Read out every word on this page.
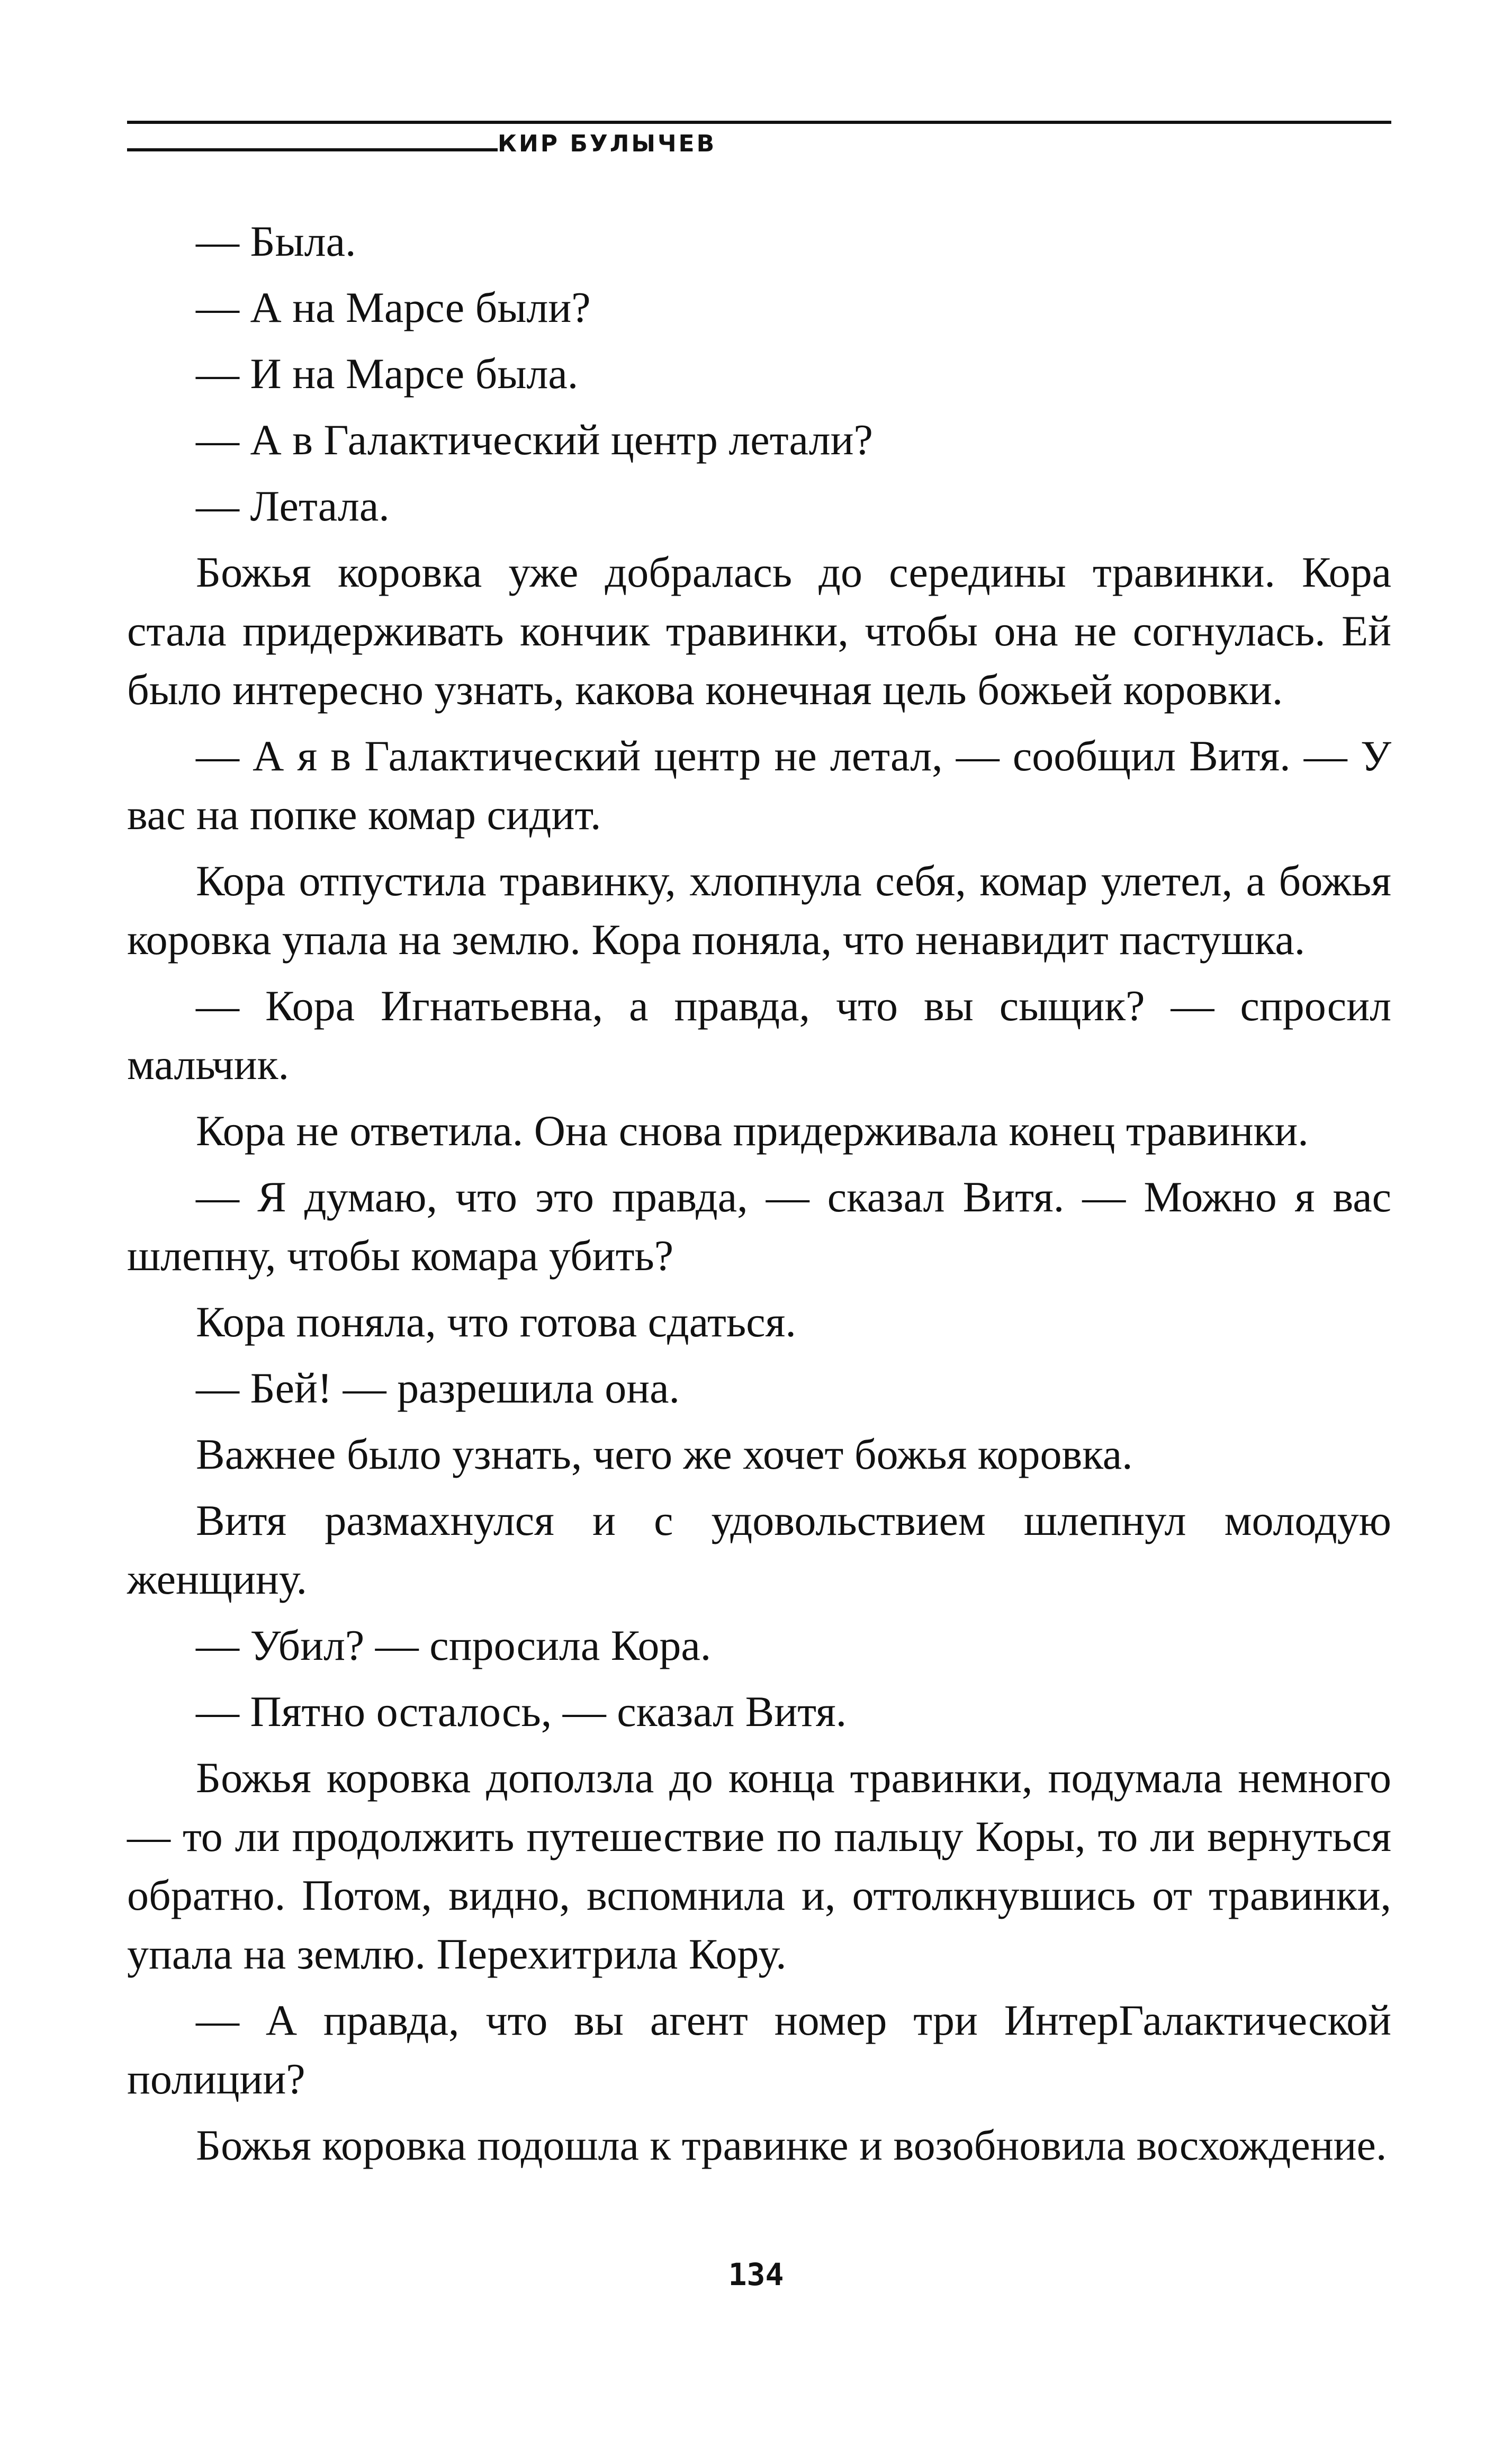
КИР БУЛЫЧЕВ

— Была.

— А на Марсе были?

— И на Марсе была.

— А в Галактический центр летали?

— Летала.

Божья коровка уже добралась до середины травинки. Кора стала придерживать кончик травинки, чтобы она не согнулась. Ей было интересно узнать, какова конечная цель божьей коровки.

— А я в Галактический центр не летал, — сообщил Витя. — У вас на попке комар сидит.

Кора отпустила травинку, хлопнула себя, комар улетел, а божья коровка упала на землю. Кора поняла, что ненавидит пастушка.

— Кора Игнатьевна, а правда, что вы сыщик? — спросил мальчик.

Кора не ответила. Она снова придерживала конец травинки.

— Я думаю, что это правда, — сказал Витя. — Можно я вас шлепну, чтобы комара убить?

Кора поняла, что готова сдаться.

— Бей! — разрешила она.

Важнее было узнать, чего же хочет божья коровка.

Витя размахнулся и с удовольствием шлепнул молодую женщину.

— Убил? — спросила Кора.

— Пятно осталось, — сказал Витя.

Божья коровка доползла до конца травинки, подумала немного — то ли продолжить путешествие по пальцу Коры, то ли вернуться обратно. Потом, видно, вспомнила и, оттолкнувшись от травинки, упала на землю. Перехитрила Кору.

— А правда, что вы агент номер три ИнтерГалактической полиции?

Божья коровка подошла к травинке и возобновила восхождение.

134
